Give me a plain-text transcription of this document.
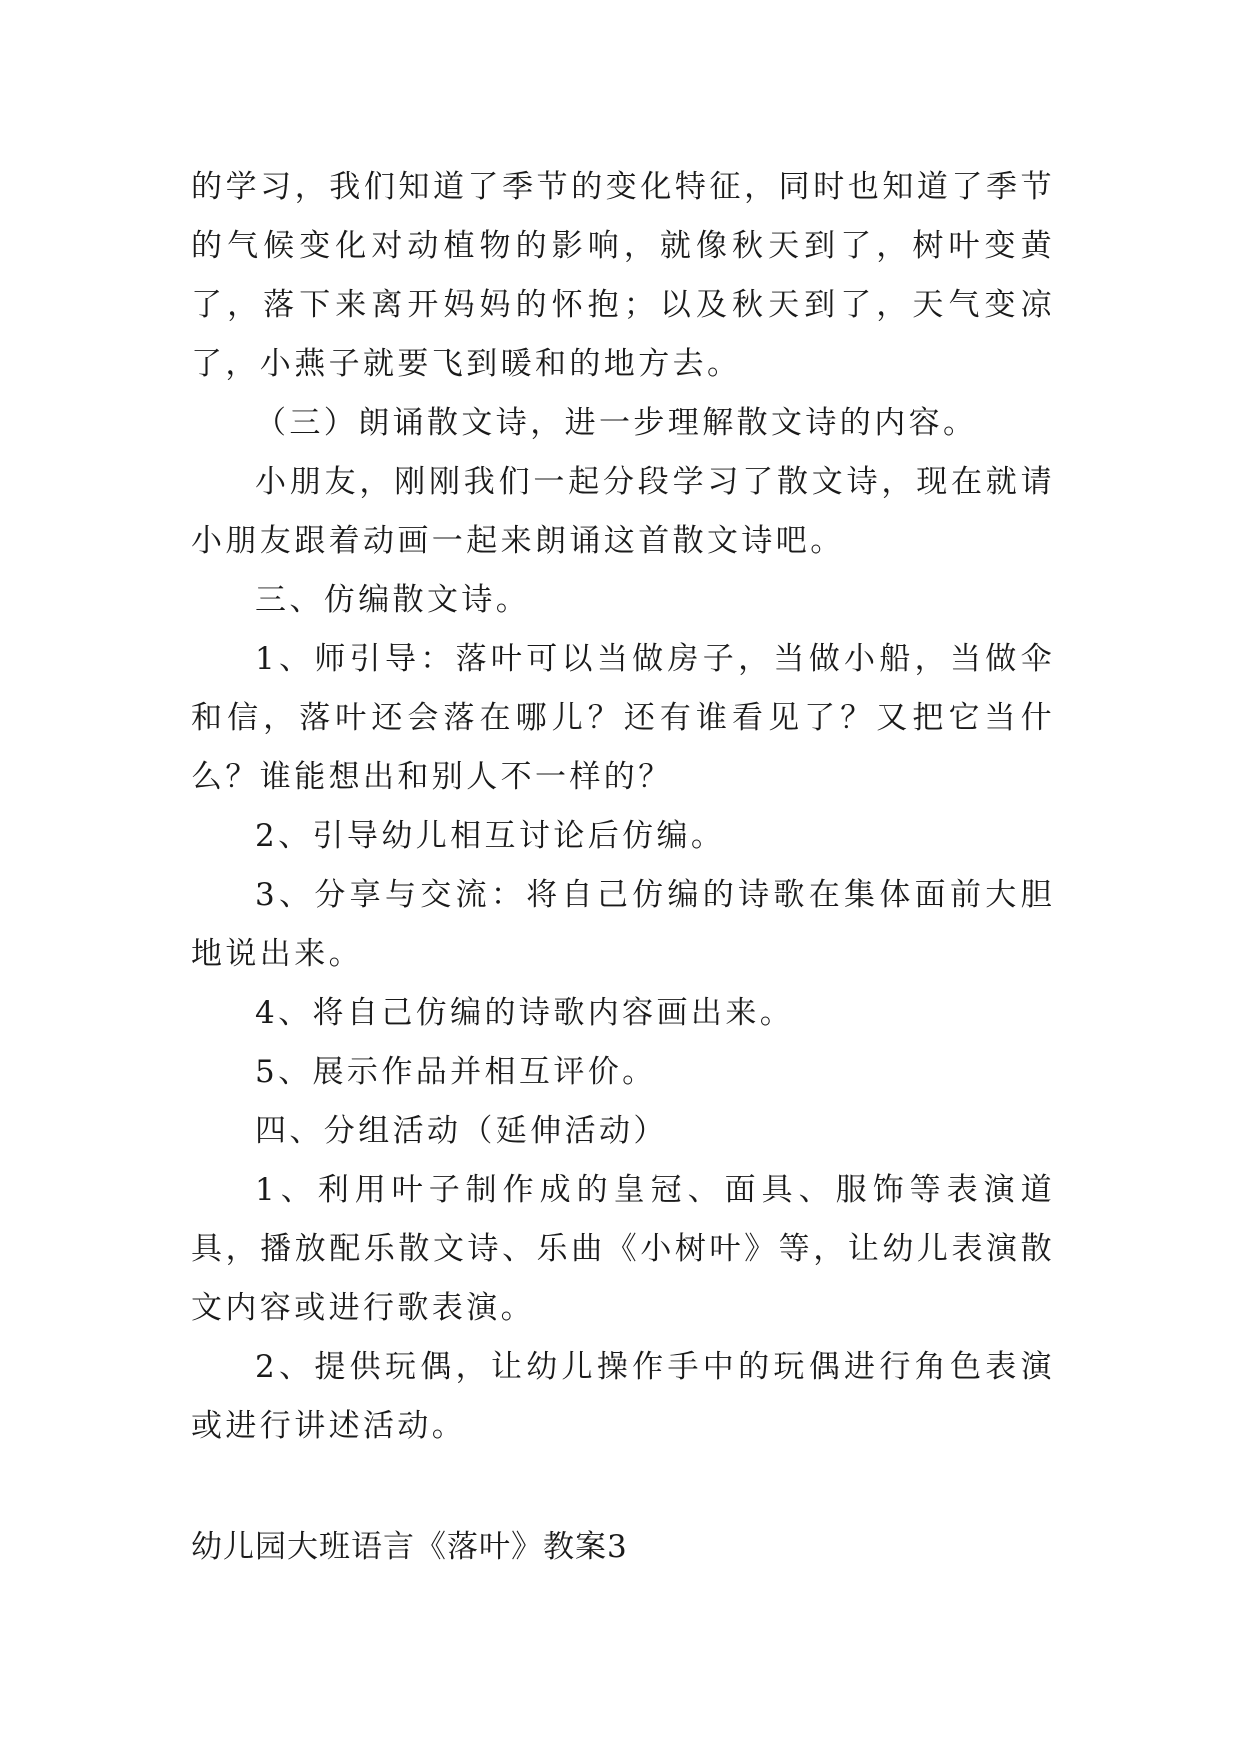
的学习，我们知道了季节的变化特征，同时也知道了季节的气候变化对动植物的影响，就像秋天到了，树叶变黄了，落下来离开妈妈的怀抱；以及秋天到了，天气变凉了，小燕子就要飞到暖和的地方去。

（三）朗诵散文诗，进一步理解散文诗的内容。

小朋友，刚刚我们一起分段学习了散文诗，现在就请小朋友跟着动画一起来朗诵这首散文诗吧。

三、仿编散文诗。

1、师引导：落叶可以当做房子，当做小船，当做伞和信，落叶还会落在哪儿？还有谁看见了？又把它当什么？谁能想出和别人不一样的？

2、引导幼儿相互讨论后仿编。

3、分享与交流：将自己仿编的诗歌在集体面前大胆地说出来。

4、将自己仿编的诗歌内容画出来。

5、展示作品并相互评价。

四、分组活动（延伸活动）

1、利用叶子制作成的皇冠、面具、服饰等表演道具，播放配乐散文诗、乐曲《小树叶》等，让幼儿表演散文内容或进行歌表演。

2、提供玩偶，让幼儿操作手中的玩偶进行角色表演或进行讲述活动。

幼儿园大班语言《落叶》教案3
